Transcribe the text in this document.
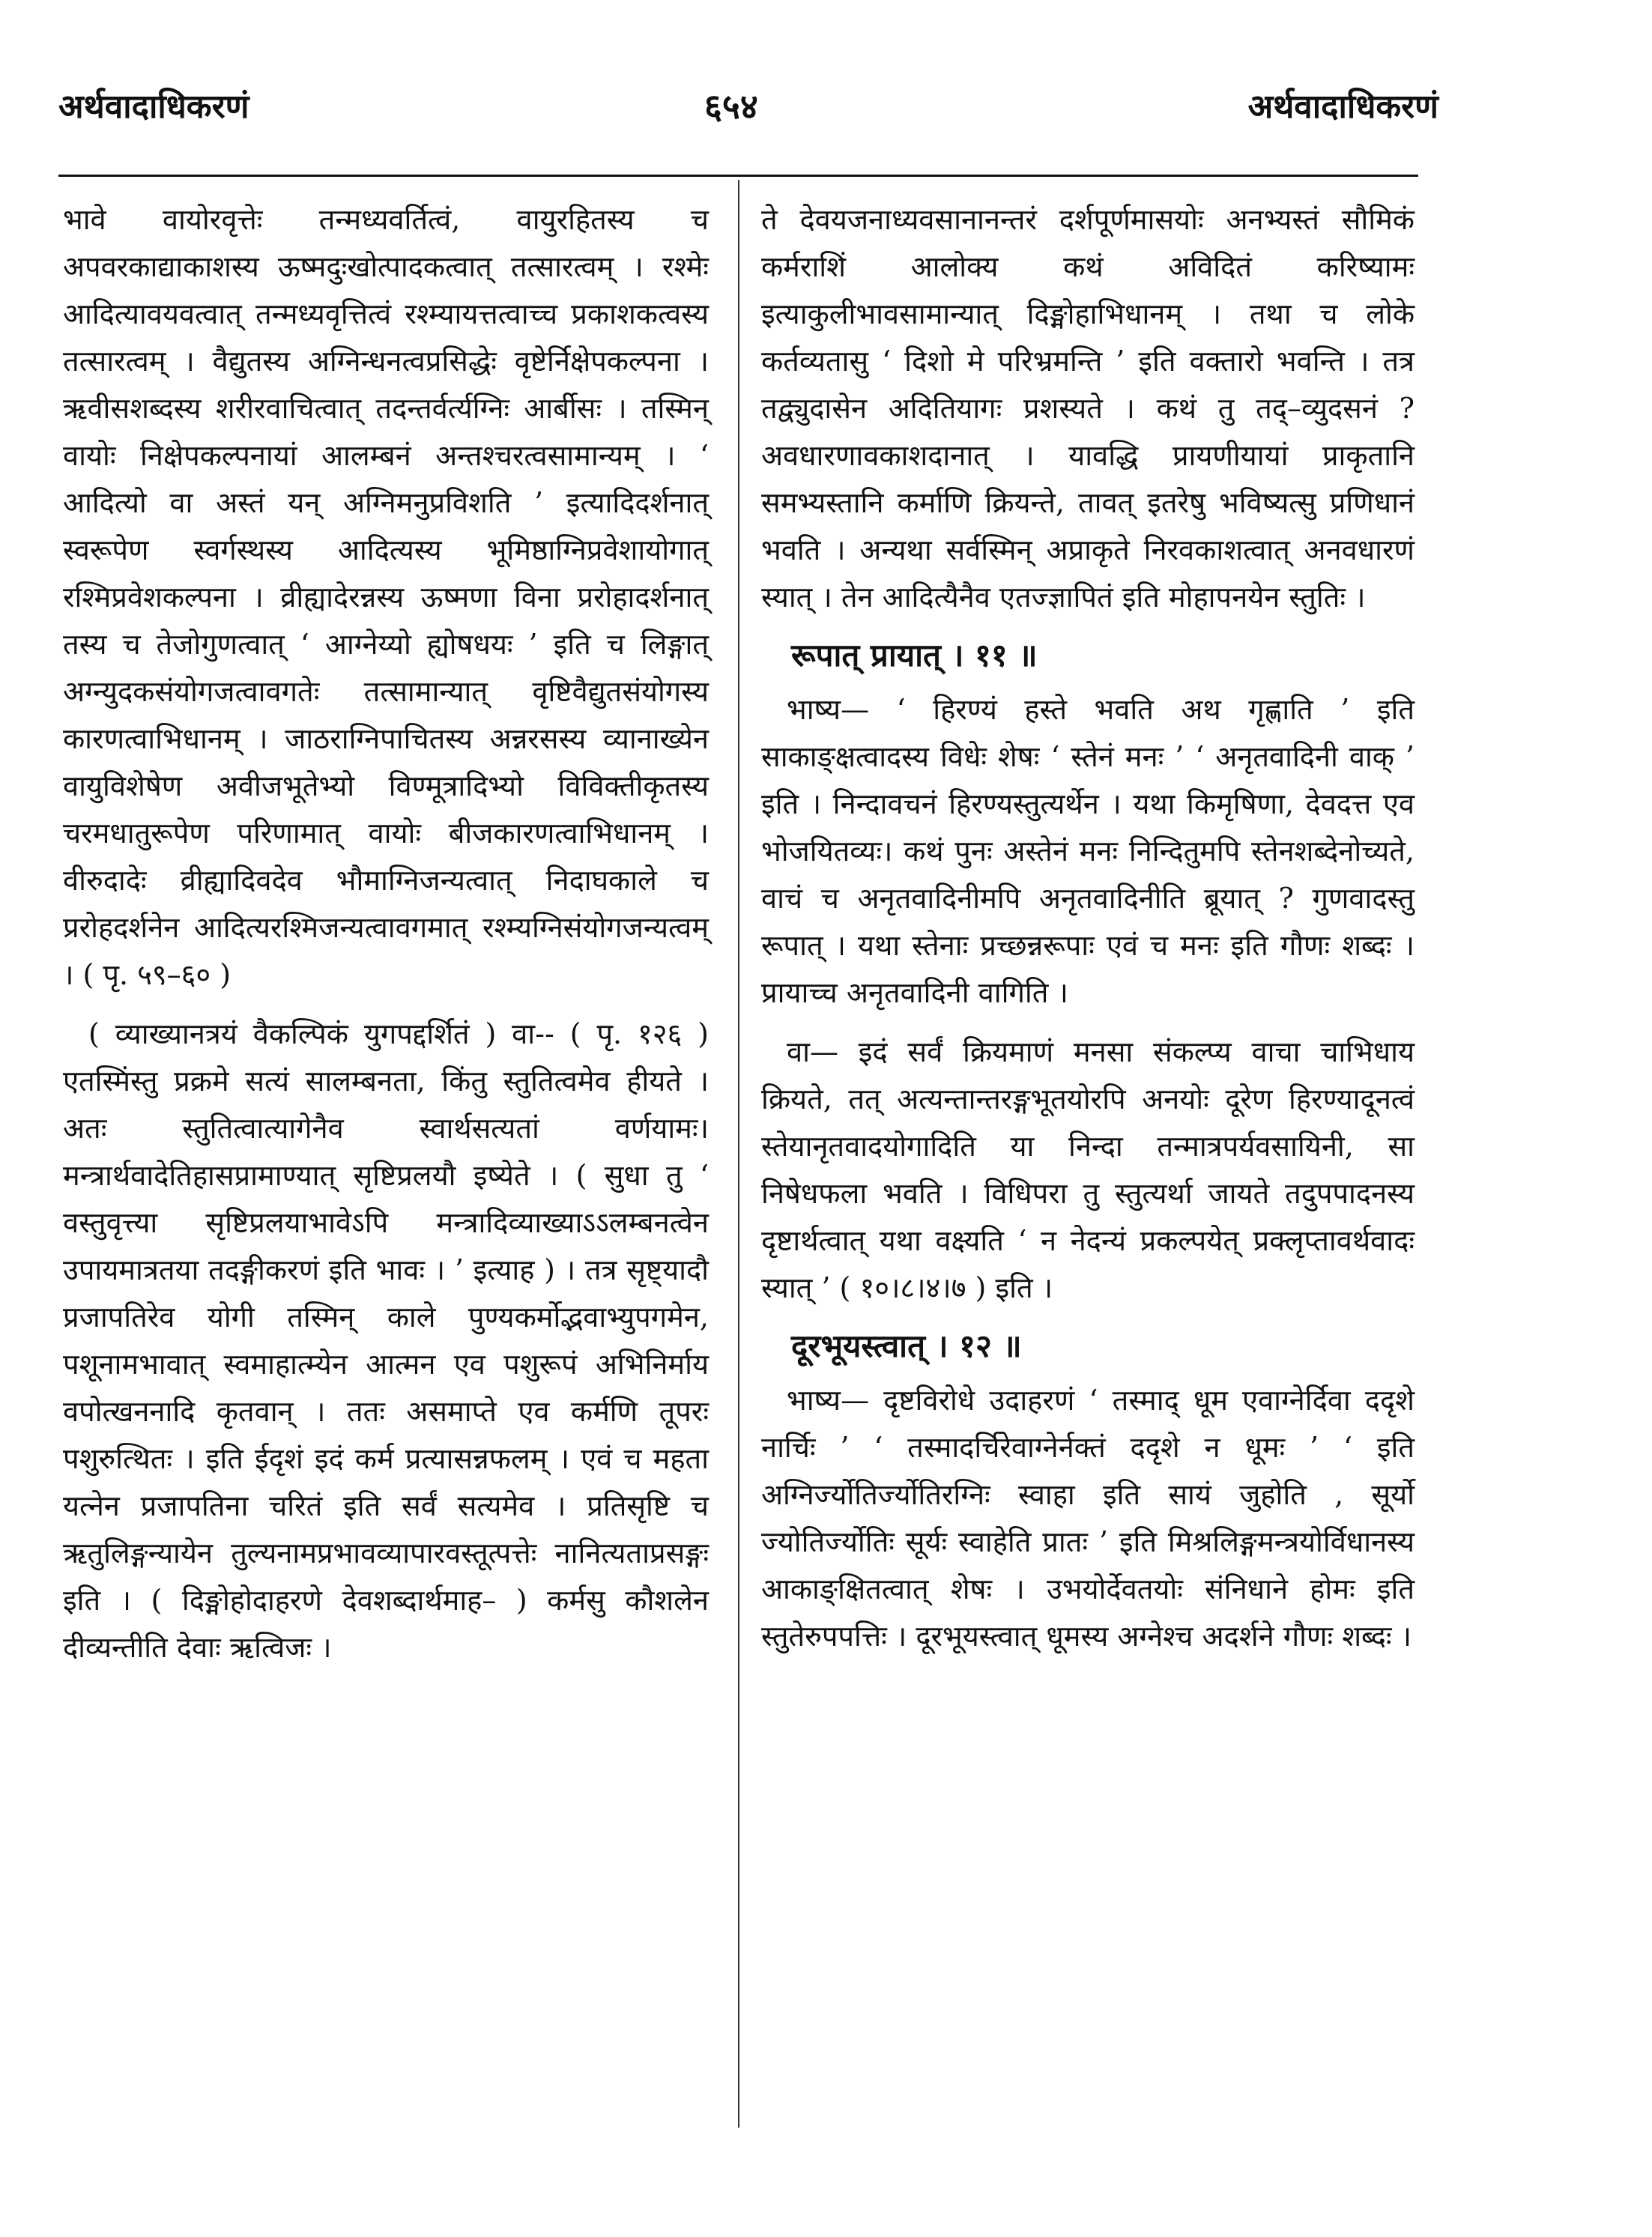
अर्थवादाधिकरणं	६५४	अर्थवादाधिकरणं

भावे वायोरवृत्तेः तन्मध्यवर्तित्वं, वायुरहितस्य च अपवरकाद्याकाशस्य ऊष्मदुःखोत्पादकत्वात् तत्सारत्वम् । रश्मेः आदित्यावयवत्वात् तन्मध्यवृत्तित्वं रश्म्यायत्तत्वाच्च प्रकाशकत्वस्य तत्सारत्वम् । वैद्युतस्य अग्निन्धनत्वप्रसिद्धेः वृष्टेर्निक्षेपकल्पना । ऋवीसशब्दस्य शरीरवाचित्वात् तदन्तर्वर्त्यग्निः आर्बीसः । तस्मिन् वायोः निक्षेपकल्पनायां आलम्बनं अन्तश्चरत्वसामान्यम् । ‘ आदित्यो वा अस्तं यन् अग्निमनुप्रविशति ’ इत्यादिदर्शनात् स्वरूपेण स्वर्गस्थस्य आदित्यस्य भूमिष्ठाग्निप्रवेशायोगात् रश्मिप्रवेशकल्पना । व्रीह्यादेरन्नस्य ऊष्मणा विना प्ररोहादर्शनात् तस्य च तेजोगुणत्वात् ‘ आग्नेय्यो ह्योषधयः ’ इति च लिङ्गात् अग्न्युदकसंयोगजत्वावगतेः तत्सामान्यात् वृष्टिवैद्युतसंयोगस्य कारणत्वाभिधानम् । जाठराग्निपाचितस्य अन्नरसस्य व्यानाख्येन वायुविशेषेण अवीजभूतेभ्यो विण्मूत्रादिभ्यो विविक्तीकृतस्य चरमधातुरूपेण परिणामात् वायोः बीजकारणत्वाभिधानम् । वीरुदादेः व्रीह्यादिवदेव भौमाग्निजन्यत्वात् निदाघकाले च प्ररोहदर्शनेन आदित्यरश्मिजन्यत्वावगमात् रश्म्यग्निसंयोगजन्यत्वम् । ( पृ. ५९–६० )

( व्याख्यानत्रयं वैकल्पिकं युगपद्दर्शितं ) वा-- ( पृ. १२६ ) एतस्मिंस्तु प्रक्रमे सत्यं सालम्बनता, किंतु स्तुतित्वमेव हीयते । अतः स्तुतित्वात्यागेनैव स्वार्थसत्यतां वर्णयामः। मन्त्रार्थवादेतिहासप्रामाण्यात् सृष्टिप्रलयौ इष्येते । ( सुधा तु ‘ वस्तुवृत्त्या सृष्टिप्रलयाभावेऽपि मन्त्रादिव्याख्याऽऽलम्बनत्वेन उपायमात्रतया तदङ्गीकरणं इति भावः । ’ इत्याह ) । तत्र सृष्ट्यादौ प्रजापतिरेव योगी तस्मिन् काले पुण्यकर्मोद्भवाभ्युपगमेन, पशूनामभावात् स्वमाहात्म्येन आत्मन एव पशुरूपं अभिनिर्माय वपोत्खननादि कृतवान् । ततः असमाप्ते एव कर्मणि तूपरः पशुरुत्थितः । इति ईदृशं इदं कर्म प्रत्यासन्नफलम् । एवं च महता यत्नेन प्रजापतिना चरितं इति सर्वं सत्यमेव । प्रतिसृष्टि च ऋतुलिङ्गन्यायेन तुल्यनामप्रभावव्यापारवस्तूत्पत्तेः नानित्यताप्रसङ्गः इति । ( दिङ्मोहोदाहरणे देवशब्दार्थमाह– ) कर्मसु कौशलेन दीव्यन्तीति देवाः ऋत्विजः ।

ते देवयजनाध्यवसानानन्तरं दर्शपूर्णमासयोः अनभ्यस्तं सौमिकं कर्मराशिं आलोक्य कथं अविदितं करिष्यामः इत्याकुलीभावसामान्यात् दिङ्मोहाभिधानम् । तथा च लोके कर्तव्यतासु ‘ दिशो मे परिभ्रमन्ति ’ इति वक्तारो भवन्ति । तत्र तद्व्युदासेन अदितियागः प्रशस्यते । कथं तु तद्–व्युदसनं ? अवधारणावकाशदानात् । यावद्धि प्रायणीयायां प्राकृतानि समभ्यस्तानि कर्माणि क्रियन्ते, तावत् इतरेषु भविष्यत्सु प्रणिधानं भवति । अन्यथा सर्वस्मिन् अप्राकृते निरवकाशत्वात् अनवधारणं स्यात् । तेन आदित्यैनैव एतज्ज्ञापितं इति मोहापनयेन स्तुतिः ।

रूपात् प्रायात् । ११ ॥

भाष्य— ‘ हिरण्यं हस्ते भवति अथ गृह्णाति ’ इति साकाङ्क्षत्वादस्य विधेः शेषः ‘ स्तेनं मनः ’ ‘ अनृतवादिनी वाक् ’ इति । निन्दावचनं हिरण्यस्तुत्यर्थेन । यथा किमृषिणा, देवदत्त एव भोजयितव्यः। कथं पुनः अस्तेनं मनः निन्दितुमपि स्तेनशब्देनोच्यते, वाचं च अनृतवादिनीमपि अनृतवादिनीति ब्रूयात् ? गुणवादस्तु रूपात् । यथा स्तेनाः प्रच्छन्नरूपाः एवं च मनः इति गौणः शब्दः । प्रायाच्च अनृतवादिनी वागिति ।

वा— इदं सर्वं क्रियमाणं मनसा संकल्प्य वाचा चाभिधाय क्रियते, तत् अत्यन्तान्तरङ्गभूतयोरपि अनयोः दूरेण हिरण्यादूनत्वं स्तेयानृतवादयोगादिति या निन्दा तन्मात्रपर्यवसायिनी, सा निषेधफला भवति । विधिपरा तु स्तुत्यर्था जायते तदुपपादनस्य दृष्टार्थत्वात् यथा वक्ष्यति ‘ न नेदन्यं प्रकल्पयेत् प्रक्लृप्तावर्थवादः स्यात् ’ ( १०।८।४।७ ) इति ।

दूरभूयस्त्वात् । १२ ॥

भाष्य— दृष्टविरोधे उदाहरणं ‘ तस्माद् धूम एवाग्नेर्दिवा ददृशे नार्चिः ’ ‘ तस्मादर्चिरेवाग्नेर्नक्तं ददृशे न धूमः ’ ‘ इति अग्निर्ज्योतिर्ज्योतिरग्निः स्वाहा इति सायं जुहोति , सूर्यो ज्योतिर्ज्योतिः सूर्यः स्वाहेति प्रातः ’ इति मिश्रलिङ्गमन्त्रयोर्विधानस्य आकाङ्क्षितत्वात् शेषः । उभयोर्देवतयोः संनिधाने होमः इति स्तुतेरुपपत्तिः । दूरभूयस्त्वात् धूमस्य अग्नेश्च अदर्शने गौणः शब्दः ।
